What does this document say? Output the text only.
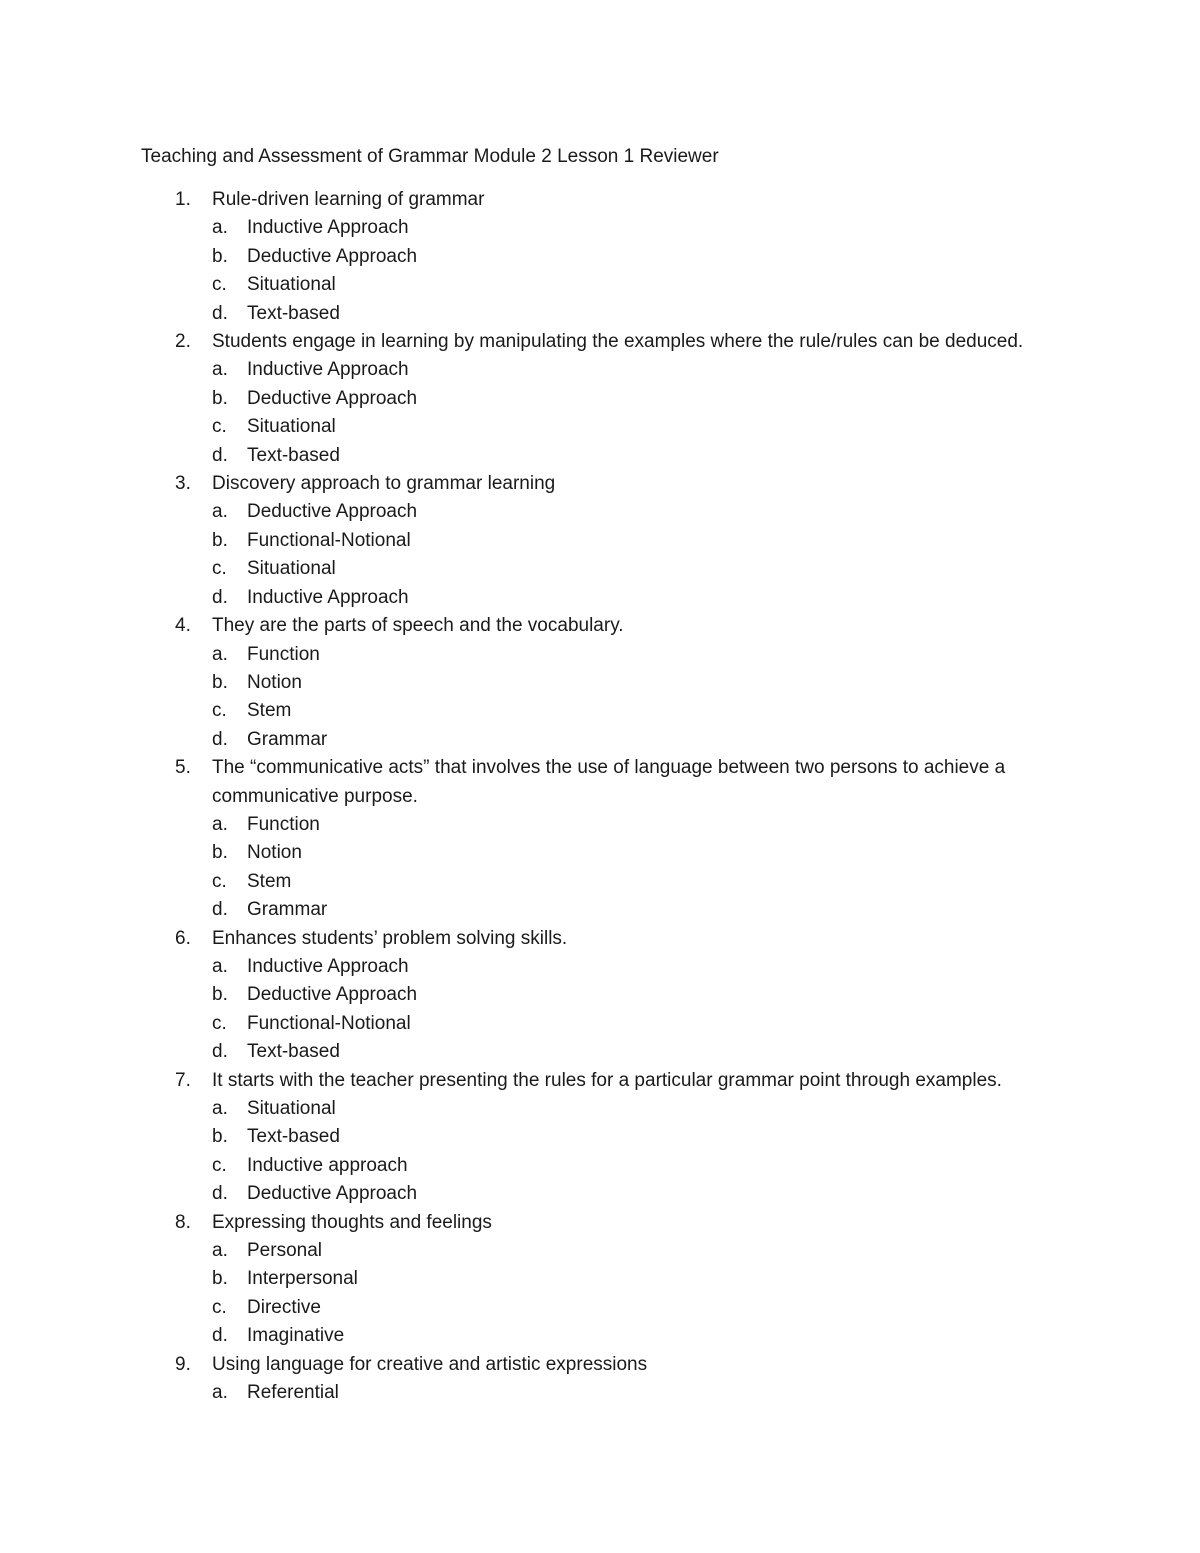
Teaching and Assessment of Grammar Module 2 Lesson 1 Reviewer
1.	Rule-driven learning of grammar
a.	Inductive Approach
b.	Deductive Approach
c.	Situational
d.	Text-based
2.	Students engage in learning by manipulating the examples where the rule/rules can be deduced.
a.	Inductive Approach
b.	Deductive Approach
c.	Situational
d.	Text-based
3.	Discovery approach to grammar learning
a.	Deductive Approach
b.	Functional-Notional
c.	Situational
d.	Inductive Approach
4.	They are the parts of speech and the vocabulary.
a.	Function
b.	Notion
c.	Stem
d.	Grammar
5.	The “communicative acts” that involves the use of language between two persons to achieve a communicative purpose.
a.	Function
b.	Notion
c.	Stem
d.	Grammar
6.	Enhances students’ problem solving skills.
a.	Inductive Approach
b.	Deductive Approach
c.	Functional-Notional
d.	Text-based
7.	It starts with the teacher presenting the rules for a particular grammar point through examples.
a.	Situational
b.	Text-based
c.	Inductive approach
d.	Deductive Approach
8.	Expressing thoughts and feelings
a.	Personal
b.	Interpersonal
c.	Directive
d.	Imaginative
9.	Using language for creative and artistic expressions
a.	Referential
